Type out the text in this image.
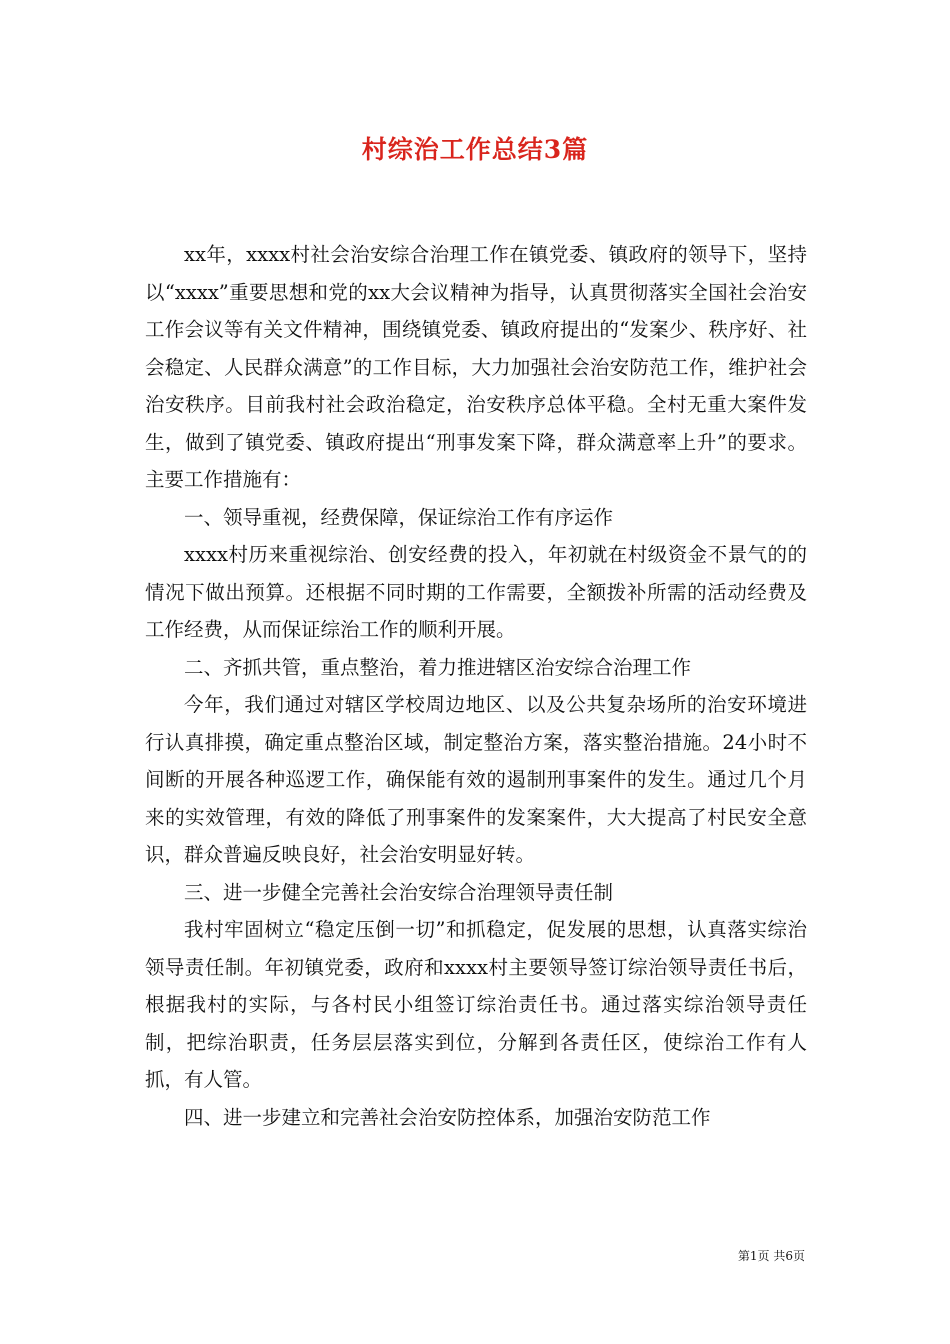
村综治工作总结3篇

xx年，xxxx村社会治安综合治理工作在镇党委、镇政府的领导下，坚持以“xxxx”重要思想和党的xx大会议精神为指导，认真贯彻落实全国社会治安工作会议等有关文件精神，围绕镇党委、镇政府提出的“发案少、秩序好、社会稳定、人民群众满意”的工作目标，大力加强社会治安防范工作，维护社会治安秩序。目前我村社会政治稳定，治安秩序总体平稳。全村无重大案件发生，做到了镇党委、镇政府提出“刑事发案下降，群众满意率上升”的要求。主要工作措施有：

一、领导重视，经费保障，保证综治工作有序运作

xxxx村历来重视综治、创安经费的投入，年初就在村级资金不景气的的情况下做出预算。还根据不同时期的工作需要，全额拨补所需的活动经费及工作经费，从而保证综治工作的顺利开展。

二、齐抓共管，重点整治，着力推进辖区治安综合治理工作

今年，我们通过对辖区学校周边地区、以及公共复杂场所的治安环境进行认真排摸，确定重点整治区域，制定整治方案，落实整治措施。24小时不间断的开展各种巡逻工作，确保能有效的遏制刑事案件的发生。通过几个月来的实效管理，有效的降低了刑事案件的发案案件，大大提高了村民安全意识，群众普遍反映良好，社会治安明显好转。

三、进一步健全完善社会治安综合治理领导责任制

我村牢固树立“稳定压倒一切”和抓稳定，促发展的思想，认真落实综治领导责任制。年初镇党委，政府和xxxx村主要领导签订综治领导责任书后，根据我村的实际，与各村民小组签订综治责任书。通过落实综治领导责任制，把综治职责，任务层层落实到位，分解到各责任区，使综治工作有人抓，有人管。

四、进一步建立和完善社会治安防控体系，加强治安防范工作

第1页 共6页
